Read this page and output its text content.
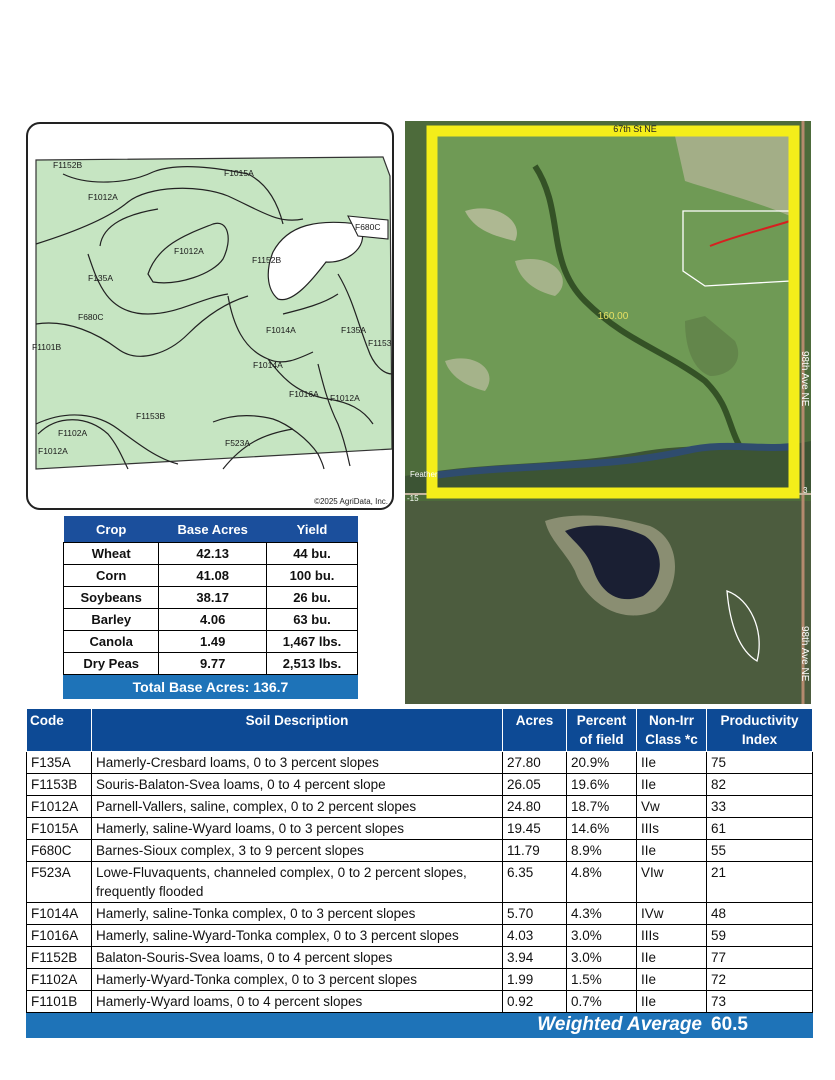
F1152B
F1015A
F1012A
F680C
F1012A
F1152B
F135A
F680C
F1014A	F135A
F1153
F1101B
F1014A
F1016A F1012A
F1153B
F1102A
F523A
F1012A
©2025 AgriData, Inc.
160.00
67th St NE
Feather
-15
3
98th Ave NE
98th Ave NE
Crop	Base Acres	Yield
Wheat	42.13	44 bu.
Corn	41.08	100 bu.
Soybeans	38.17	26 bu.
Barley	4.06	63 bu.
Canola	1.49	1,467 lbs.
Dry Peas	9.77	2,513 lbs.
Total Base Acres: 136.7		
Code	Soil Description	Acres	Percent of field	Non-Irr Class *c	Productivity Index
F135A	Hamerly-Cresbard loams, 0 to 3 percent slopes	27.80	20.9%	IIe	75
F1153B	Souris-Balaton-Svea loams, 0 to 4 percent slope	26.05	19.6%	IIe	82
F1012A	Parnell-Vallers, saline, complex, 0 to 2 percent slopes	24.80	18.7%	Vw	33
F1015A	Hamerly, saline-Wyard loams, 0 to 3 percent slopes	19.45	14.6%	IIIs	61
F680C	Barnes-Sioux complex, 3 to 9 percent slopes	11.79	8.9%	IIe	55
F523A	Lowe-Fluvaquents, channeled complex, 0 to 2 percent slopes, frequently flooded	6.35	4.8%	VIw	21
F1014A	Hamerly, saline-Tonka complex, 0 to 3 percent slopes	5.70	4.3%	IVw	48
F1016A	Hamerly, saline-Wyard-Tonka complex, 0 to 3 percent slopes	4.03	3.0%	IIIs	59
F1152B	Balaton-Souris-Svea loams, 0 to 4 percent slopes	3.94	3.0%	IIe	77
F1102A	Hamerly-Wyard-Tonka complex, 0 to 3 percent slopes	1.99	1.5%	IIe	72
F1101B	Hamerly-Wyard loams, 0 to 4 percent slopes	0.92	0.7%	IIe	73
Weighted Average					60.5
